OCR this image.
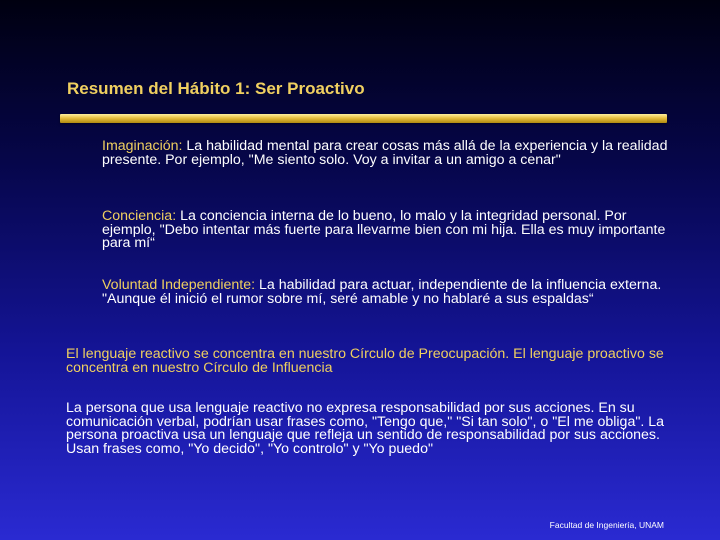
Resumen del Hábito 1: Ser Proactivo

Imaginación: La habilidad mental para crear cosas más allá de la experiencia y la realidad presente. Por ejemplo, "Me siento solo. Voy a invitar a un amigo a cenar"

Conciencia: La conciencia interna de lo bueno, lo malo y la integridad personal. Por ejemplo, "Debo intentar más fuerte para llevarme bien con mi hija. Ella es muy importante para mí“

Voluntad Independiente: La habilidad para actuar, independiente de la influencia externa. "Aunque él inició el rumor sobre mí, seré amable y no hablaré a sus espaldas“

El lenguaje reactivo se concentra en nuestro Círculo de Preocupación. El lenguaje proactivo se concentra en nuestro Círculo de Influencia

La persona que usa lenguaje reactivo no expresa responsabilidad por sus acciones. En su comunicación verbal, podrían usar frases como, "Tengo que," "Si tan solo", o "El me obliga". La persona proactiva usa un lenguaje que refleja un sentido de responsabilidad por sus acciones. Usan frases como, "Yo decido", "Yo controlo" y "Yo puedo"

Facultad de Ingeniería, UNAM
